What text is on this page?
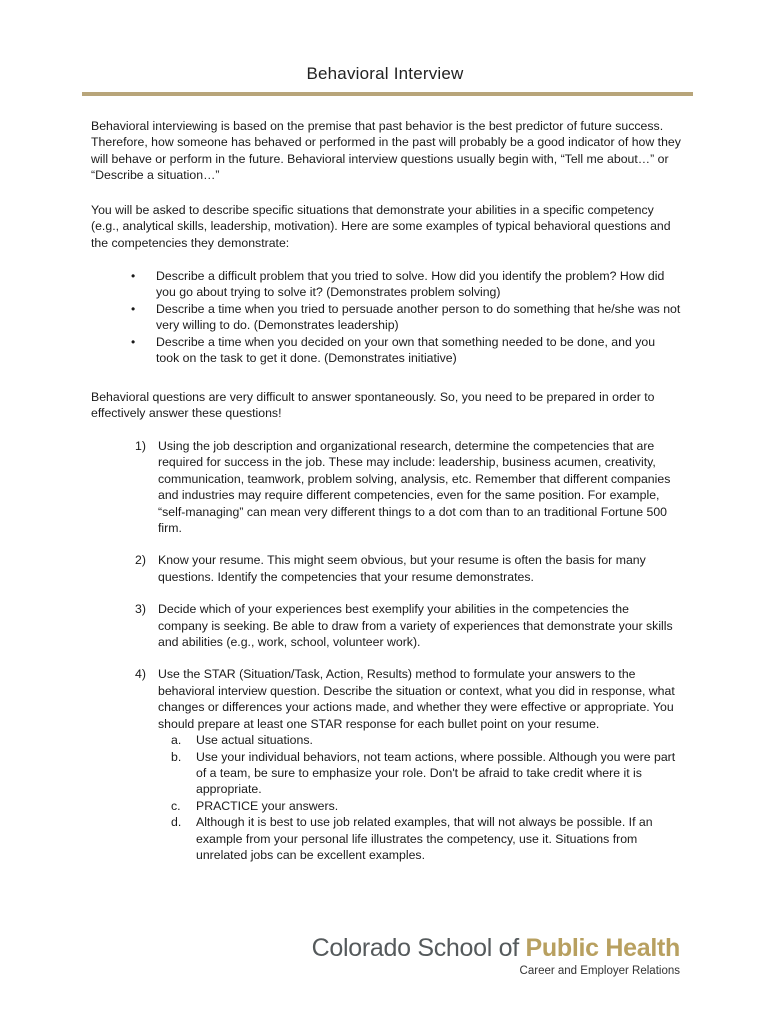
Behavioral Interview

Behavioral interviewing is based on the premise that past behavior is the best predictor of future success. Therefore, how someone has behaved or performed in the past will probably be a good indicator of how they will behave or perform in the future. Behavioral interview questions usually begin with, “Tell me about…” or “Describe a situation…”

You will be asked to describe specific situations that demonstrate your abilities in a specific competency (e.g., analytical skills, leadership, motivation). Here are some examples of typical behavioral questions and the competencies they demonstrate:

• Describe a difficult problem that you tried to solve. How did you identify the problem? How did you go about trying to solve it? (Demonstrates problem solving)
• Describe a time when you tried to persuade another person to do something that he/she was not very willing to do. (Demonstrates leadership)
• Describe a time when you decided on your own that something needed to be done, and you took on the task to get it done. (Demonstrates initiative)

Behavioral questions are very difficult to answer spontaneously. So, you need to be prepared in order to effectively answer these questions!

1) Using the job description and organizational research, determine the competencies that are required for success in the job. These may include: leadership, business acumen, creativity, communication, teamwork, problem solving, analysis, etc. Remember that different companies and industries may require different competencies, even for the same position. For example, “self-managing” can mean very different things to a dot com than to an traditional Fortune 500 firm.
2) Know your resume. This might seem obvious, but your resume is often the basis for many questions. Identify the competencies that your resume demonstrates.
3) Decide which of your experiences best exemplify your abilities in the competencies the company is seeking. Be able to draw from a variety of experiences that demonstrate your skills and abilities (e.g., work, school, volunteer work).
4) Use the STAR (Situation/Task, Action, Results) method to formulate your answers to the behavioral interview question. Describe the situation or context, what you did in response, what changes or differences your actions made, and whether they were effective or appropriate. You should prepare at least one STAR response for each bullet point on your resume.
a. Use actual situations.
b. Use your individual behaviors, not team actions, where possible. Although you were part of a team, be sure to emphasize your role. Don't be afraid to take credit where it is appropriate.
c. PRACTICE your answers.
d. Although it is best to use job related examples, that will not always be possible. If an example from your personal life illustrates the competency, use it. Situations from unrelated jobs can be excellent examples.
Colorado School of Public Health
Career and Employer Relations
